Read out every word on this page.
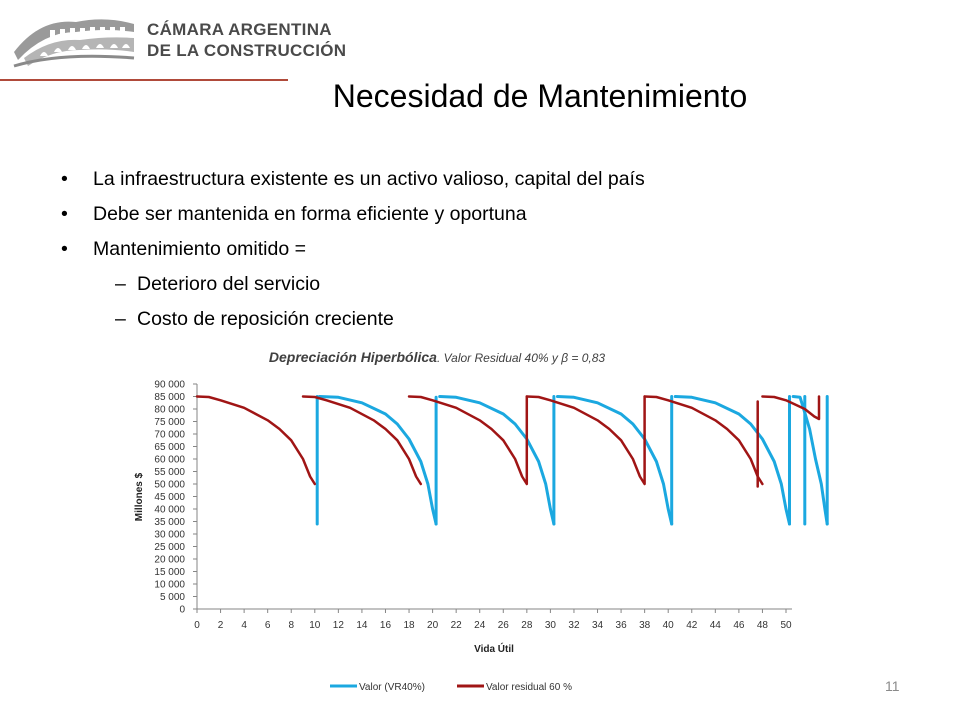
CÁMARA ARGENTINA
DE LA CONSTRUCCIÓN
Necesidad de Mantenimiento
• La infraestructura existente es un activo valioso, capital del país
• Debe ser mantenida en forma eficiente y oportuna
• Mantenimiento omitido =
– Deterioro del servicio
– Costo de reposición creciente
Depreciación Hiperbólica. Valor Residual 40% y β = 0,83
0
5 000
10 000
15 000
20 000
25 000
30 000
35 000
40 000
45 000
50 000
55 000
60 000
65 000
70 000
75 000
80 000
85 000
90 000
0 2 4 6 8 10 12 14 16 18 20 22 24 26 28 30 32 34 36 38 40 42 44 46 48 50
Millones $
Vida Útil
Valor (VR40%)	Valor residual 60 %	11
